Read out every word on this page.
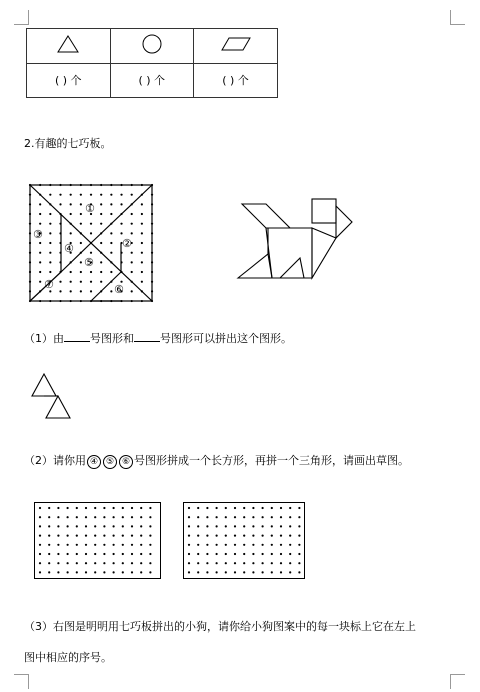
( ) 个	( ) 个	( ) 个
2.有趣的七巧板。
①
②
③
④
⑤
⑥
⑦
（1）由 号图形和 号图形可以拼出这个图形。
（2）请你用 ④ ⑤ ⑥ 号图形拼成一个长方形，再拼一个三角形，请画出草图。
（3）右图是明明用七巧板拼出的小狗，请你给小狗图案中的每一块标上它在左上
图中相应的序号。
